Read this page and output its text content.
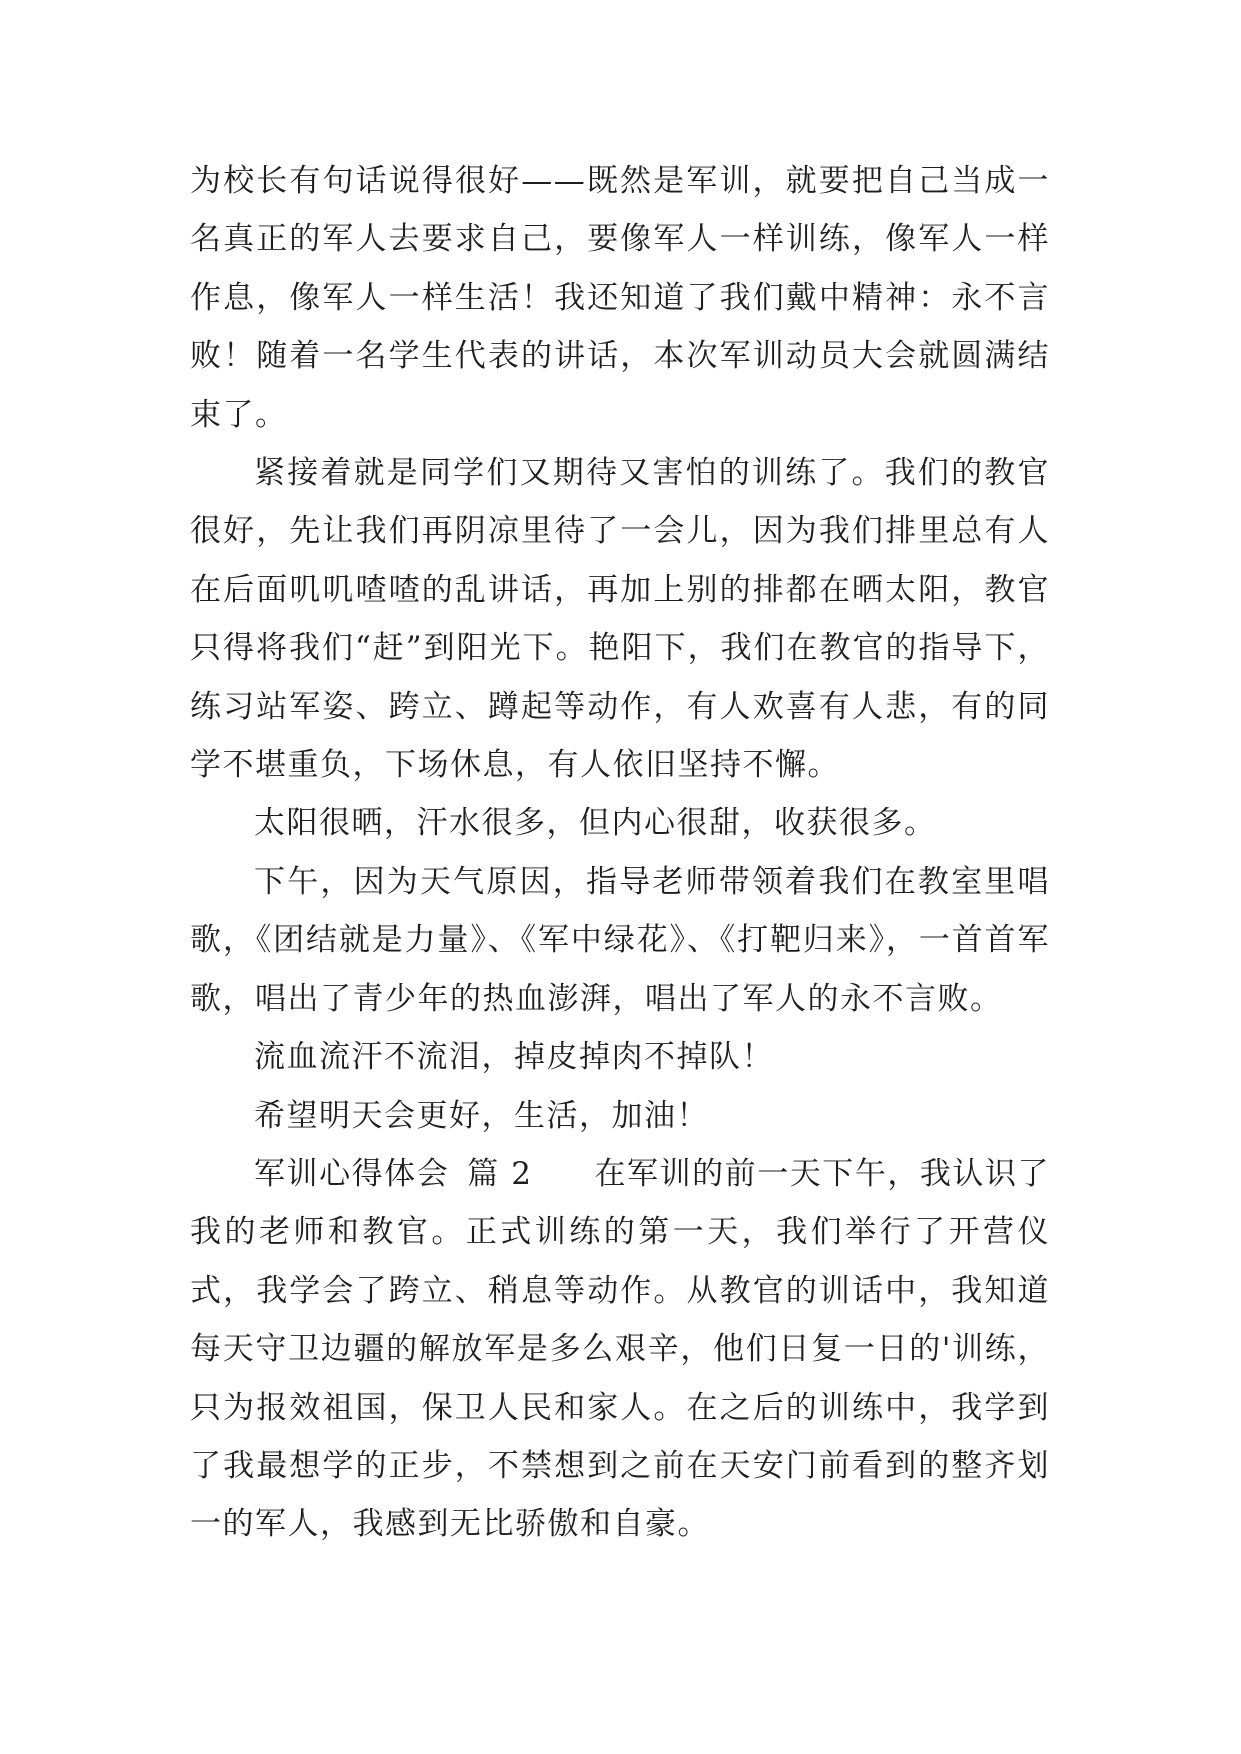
为校长有句话说得很好——既然是军训，就要把自己当成一名真正的军人去要求自己，要像军人一样训练，像军人一样作息，像军人一样生活！我还知道了我们戴中精神：永不言败！随着一名学生代表的讲话，本次军训动员大会就圆满结束了。

紧接着就是同学们又期待又害怕的训练了。我们的教官很好，先让我们再阴凉里待了一会儿，因为我们排里总有人在后面叽叽喳喳的乱讲话，再加上别的排都在晒太阳，教官只得将我们“赶”到阳光下。艳阳下，我们在教官的指导下，练习站军姿、跨立、蹲起等动作，有人欢喜有人悲，有的同学不堪重负，下场休息，有人依旧坚持不懈。

太阳很晒，汗水很多，但内心很甜，收获很多。

下午，因为天气原因，指导老师带领着我们在教室里唱歌，《团结就是力量》、《军中绿花》、《打靶归来》，一首首军歌，唱出了青少年的热血澎湃，唱出了军人的永不言败。

流血流汗不流泪，掉皮掉肉不掉队！

希望明天会更好，生活，加油！

军训心得体会 篇 2 在军训的前一天下午，我认识了我的老师和教官。正式训练的第一天，我们举行了开营仪式，我学会了跨立、稍息等动作。从教官的训话中，我知道每天守卫边疆的解放军是多么艰辛，他们日复一日的'训练，只为报效祖国，保卫人民和家人。在之后的训练中，我学到了我最想学的正步，不禁想到之前在天安门前看到的整齐划一的军人，我感到无比骄傲和自豪。
